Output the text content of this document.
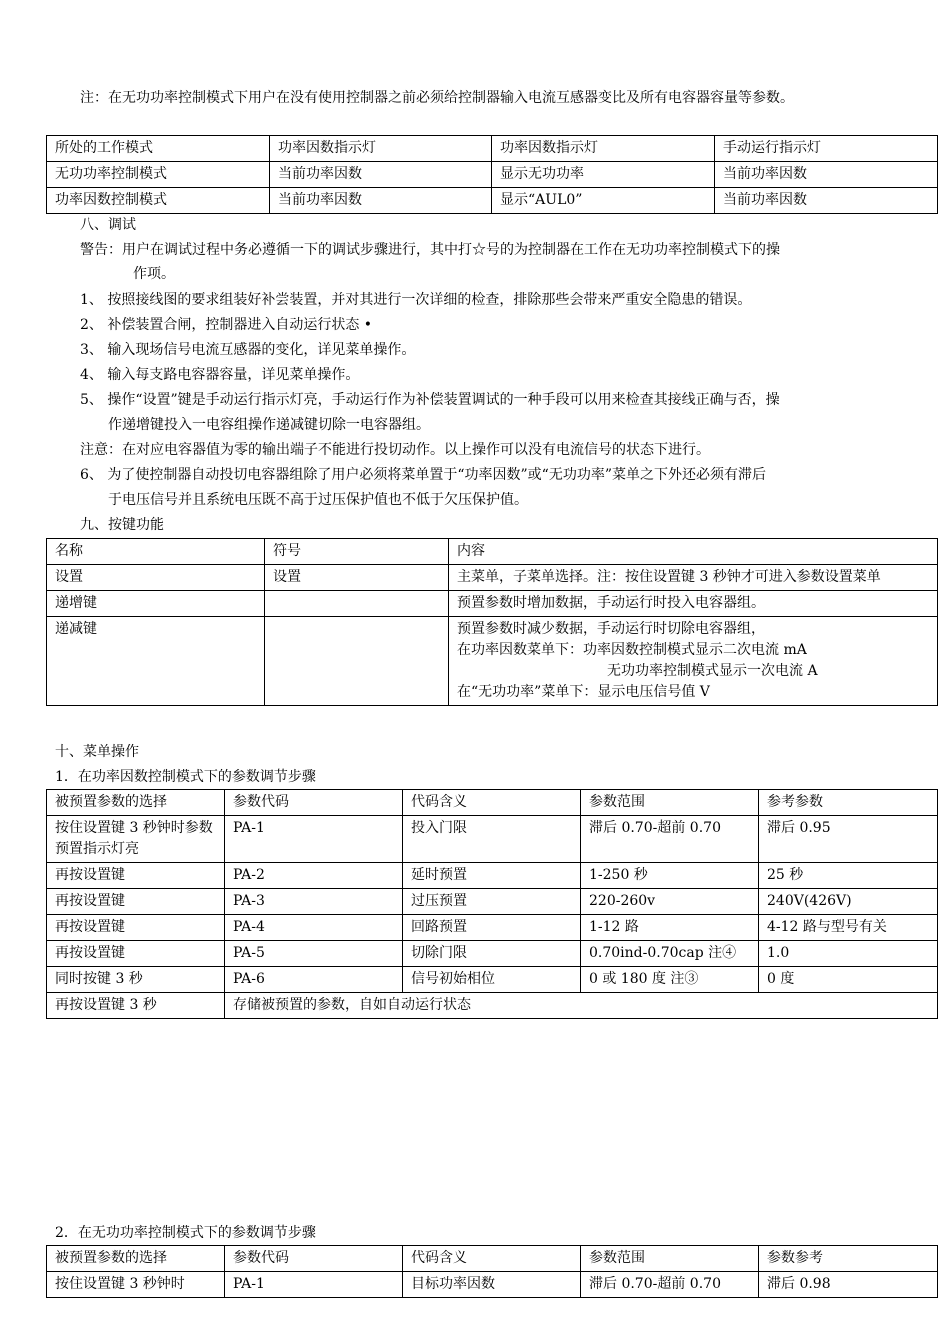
注：在无功功率控制模式下用户在没有使用控制器之前必须给控制器输入电流互感器变比及所有电容器容量等参数。
所处的工作模式	功率因数指示灯	功率因数指示灯	手动运行指示灯
无功功率控制模式	当前功率因数	显示无功功率	当前功率因数
功率因数控制模式	当前功率因数	显示“AUL0”	当前功率因数
八、调试
警告：用户在调试过程中务必遵循一下的调试步骤进行，其中打☆号的为控制器在工作在无功功率控制模式下的操
作项。
1、 按照接线图的要求组装好补尝装置，并对其进行一次详细的检查，排除那些会带来严重安全隐患的错误。
2、 补偿装置合闸，控制器进入自动运行状态 •
3、 输入现场信号电流互感器的变化，详见菜单操作。
4、 输入每支路电容器容量，详见菜单操作。
5、 操作“设置”键是手动运行指示灯亮，手动运行作为补偿装置调试的一种手段可以用来检查其接线正确与否，操
作递增键投入一电容组操作递减键切除一电容器组。
注意：在对应电容器值为零的输出端子不能进行投切动作。以上操作可以没有电流信号的状态下进行。
6、 为了使控制器自动投切电容器组除了用户必须将菜单置于“功率因数”或“无功功率”菜单之下外还必须有滞后
于电压信号并且系统电压既不高于过压保护值也不低于欠压保护值。
九、按键功能
名称	符号	内容
设置	设置	主菜单，子菜单选择。注：按住设置键 3 秒钟才可进入参数设置菜单
递增键		预置参数时增加数据，手动运行时投入电容器组。
递减键		预置参数时减少数据，手动运行时切除电容器组，
在功率因数菜单下：功率因数控制模式显示二次电流 mA
无功功率控制模式显示一次电流 A
在“无功功率”菜单下：显示电压信号值 V
十、菜单操作
1．在功率因数控制模式下的参数调节步骤
被预置参数的选择	参数代码	代码含义	参数范围	参考参数
按住设置键 3 秒钟时参数预置指示灯亮	PA-1	投入门限	滞后 0.70-超前 0.70	滞后 0.95
再按设置键	PA-2	延时预置	1-250 秒	25 秒
再按设置键	PA-3	过压预置	220-260v	240V(426V)
再按设置键	PA-4	回路预置	1-12 路	4-12 路与型号有关
再按设置键	PA-5	切除门限	0.70ind-0.70cap 注④	1.0
同时按键 3 秒	PA-6	信号初始相位	0 或 180 度 注③	0 度
再按设置键 3 秒	存储被预置的参数，自如自动运行状态			
2．在无功功率控制模式下的参数调节步骤
被预置参数的选择	参数代码	代码含义	参数范围	参数参考
按住设置键 3 秒钟时	PA-1	目标功率因数	滞后 0.70-超前 0.70	滞后 0.98
